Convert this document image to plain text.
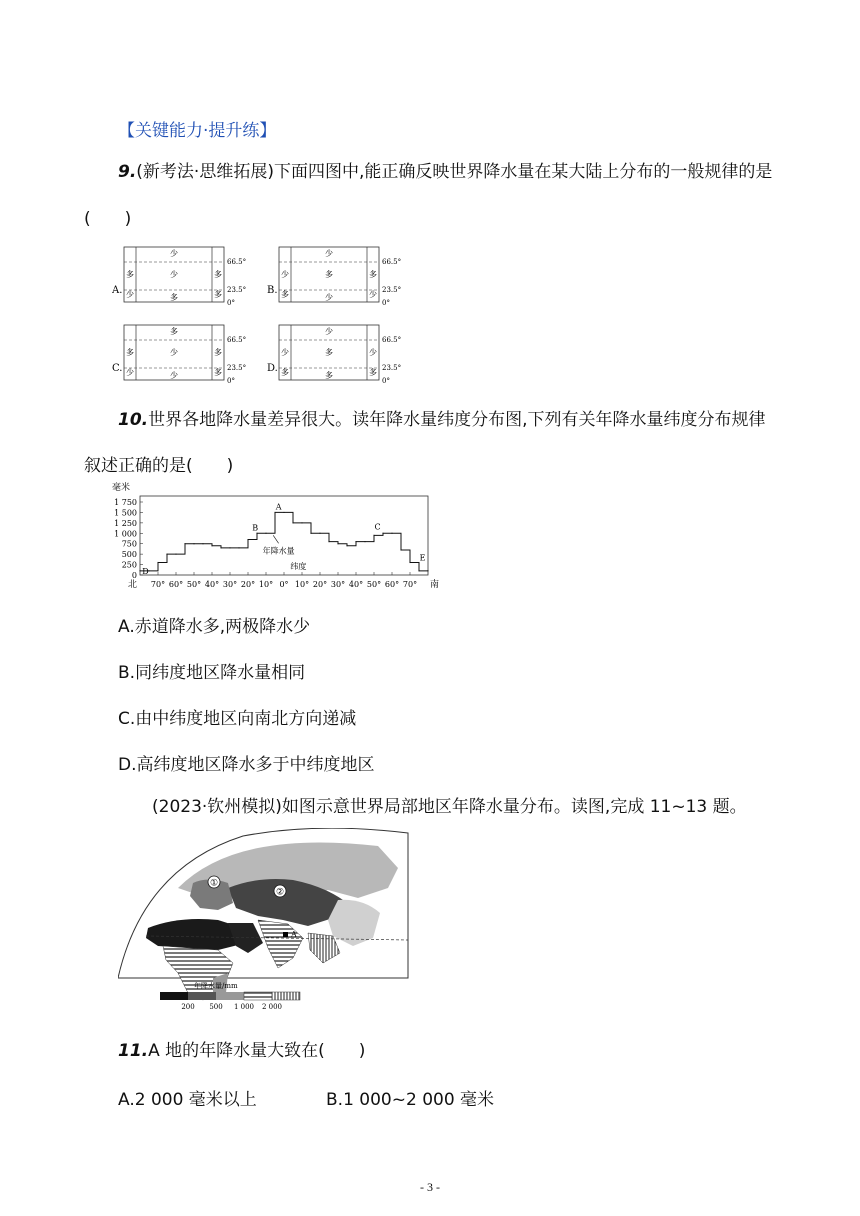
【关键能力·提升练】
9.(新考法·思维拓展)下面四图中,能正确反映世界降水量在某大陆上分布的一般规律的是
(　　)
A.
少
少
多	多
少	多
多
66.5°
23.5°
0°
B.
少
多
少	多
多	少
少
66.5°
23.5°
0°
C.
多
少
多	多
少	多
少
66.5°
23.5°
0°
D.
少
多
少	少
多	多
多
66.5°
23.5°
0°
10.世界各地降水量差异很大。读年降水量纬度分布图,下列有关年降水量纬度分布规律
叙述正确的是(　　)
毫米
0
250
500
750
1 000
1 250
1 500
1 750
70° 60° 50° 40° 30° 20° 10° 0° 10° 20° 30° 40° 50° 60° 70°
北	南
纬度
A
B	C
D
E
年降水量
A.赤道降水多,两极降水少
B.同纬度地区降水量相同
C.由中纬度地区向南北方向递减
D.高纬度地区降水多于中纬度地区
(2023·钦州模拟)如图示意世界局部地区年降水量分布。读图,完成 11~13 题。
①
②
A
年降水量/mm
200 500 1 000 2 000
11.A 地的年降水量大致在(　　)
A.2 000 毫米以上	B.1 000~2 000 毫米
- 3 -
